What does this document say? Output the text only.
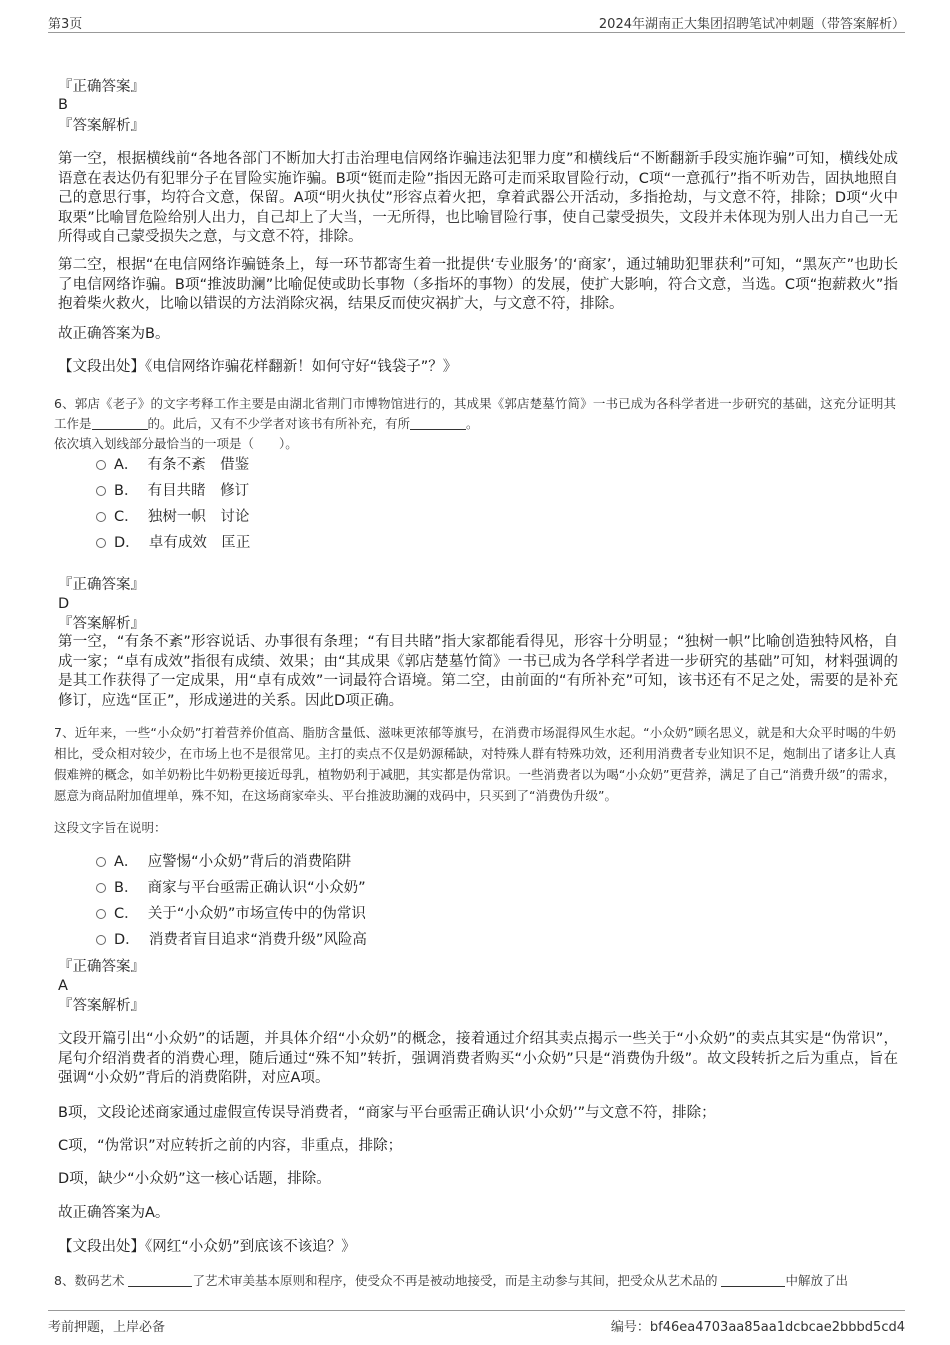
第3页	2024年湖南正大集团招聘笔试冲刺题（带答案解析）
『正确答案』
B
『答案解析』

第一空，根据横线前“各地各部门不断加大打击治理电信网络诈骗违法犯罪力度”和横线后“不断翻新手段实施诈骗”可知，横线处成语意在表达仍有犯罪分子在冒险实施诈骗。B项“铤而走险”指因无路可走而采取冒险行动，C项“一意孤行”指不听劝告，固执地照自己的意思行事，均符合文意，保留。A项“明火执仗”形容点着火把，拿着武器公开活动，多指抢劫，与文意不符，排除；D项“火中取栗”比喻冒危险给别人出力，自己却上了大当，一无所得，也比喻冒险行事，使自己蒙受损失，文段并未体现为别人出力自己一无所得或自己蒙受损失之意，与文意不符，排除。

第二空，根据“在电信网络诈骗链条上，每一环节都寄生着一批提供‘专业服务’的‘商家’，通过辅助犯罪获利”可知，“黑灰产”也助长了电信网络诈骗。B项“推波助澜”比喻促使或助长事物（多指坏的事物）的发展，使扩大影响，符合文意，当选。C项“抱薪救火”指抱着柴火救火，比喻以错误的方法消除灾祸，结果反而使灾祸扩大，与文意不符，排除。

故正确答案为B。

【文段出处】《电信网络诈骗花样翻新！如何守好“钱袋子”？》

6、郭店《老子》的文字考释工作主要是由湖北省荆门市博物馆进行的，其成果《郭店楚墓竹简》一书已成为各科学者进一步研究的基础，这充分证明其工作是	的。此后，又有不少学者对该书有所补充，有所	。

依次填入划线部分最恰当的一项是（　　）。

A． 有条不紊　借鉴
B． 有目共睹　修订
C． 独树一帜　讨论
D． 卓有成效　匡正
『正确答案』
D
『答案解析』

第一空，“有条不紊”形容说话、办事很有条理；“有目共睹”指大家都能看得见，形容十分明显；“独树一帜”比喻创造独特风格，自成一家；“卓有成效”指很有成绩、效果；由“其成果《郭店楚墓竹简》一书已成为各学科学者进一步研究的基础”可知，材料强调的是其工作获得了一定成果，用“卓有成效”一词最符合语境。第二空，由前面的“有所补充”可知，该书还有不足之处，需要的是补充修订，应选“匡正”，形成递进的关系。因此D项正确。

7、近年来，一些“小众奶”打着营养价值高、脂肪含量低、滋味更浓郁等旗号，在消费市场混得风生水起。“小众奶”顾名思义，就是和大众平时喝的牛奶相比，受众相对较少，在市场上也不是很常见。主打的卖点不仅是奶源稀缺，对特殊人群有特殊功效，还利用消费者专业知识不足，炮制出了诸多让人真假难辨的概念，如羊奶粉比牛奶粉更接近母乳，植物奶利于减肥，其实都是伪常识。一些消费者以为喝“小众奶”更营养，满足了自己“消费升级”的需求，愿意为商品附加值埋单，殊不知，在这场商家牵头、平台推波助澜的戏码中，只买到了“消费伪升级”。

这段文字旨在说明：

A． 应警惕“小众奶”背后的消费陷阱
B． 商家与平台亟需正确认识“小众奶”
C． 关于“小众奶”市场宣传中的伪常识
D． 消费者盲目追求“消费升级”风险高
『正确答案』
A
『答案解析』

文段开篇引出“小众奶”的话题，并具体介绍“小众奶”的概念，接着通过介绍其卖点揭示一些关于“小众奶”的卖点其实是“伪常识”，尾句介绍消费者的消费心理，随后通过“殊不知”转折，强调消费者购买“小众奶”只是“消费伪升级”。故文段转折之后为重点，旨在强调“小众奶”背后的消费陷阱，对应A项。

B项，文段论述商家通过虚假宣传误导消费者，“商家与平台亟需正确认识‘小众奶’”与文意不符，排除；

C项，“伪常识”对应转折之前的内容，非重点，排除；

D项，缺少“小众奶”这一核心话题，排除。

故正确答案为A。

【文段出处】《网红“小众奶”到底该不该追？》

8、数码艺术	了艺术审美基本原则和程序，使受众不再是被动地接受，而是主动参与其间，把受众从艺术品的	中解放了出

考前押题，上岸必备	编号：bf46ea4703aa85aa1dcbcae2bbbd5cd4
